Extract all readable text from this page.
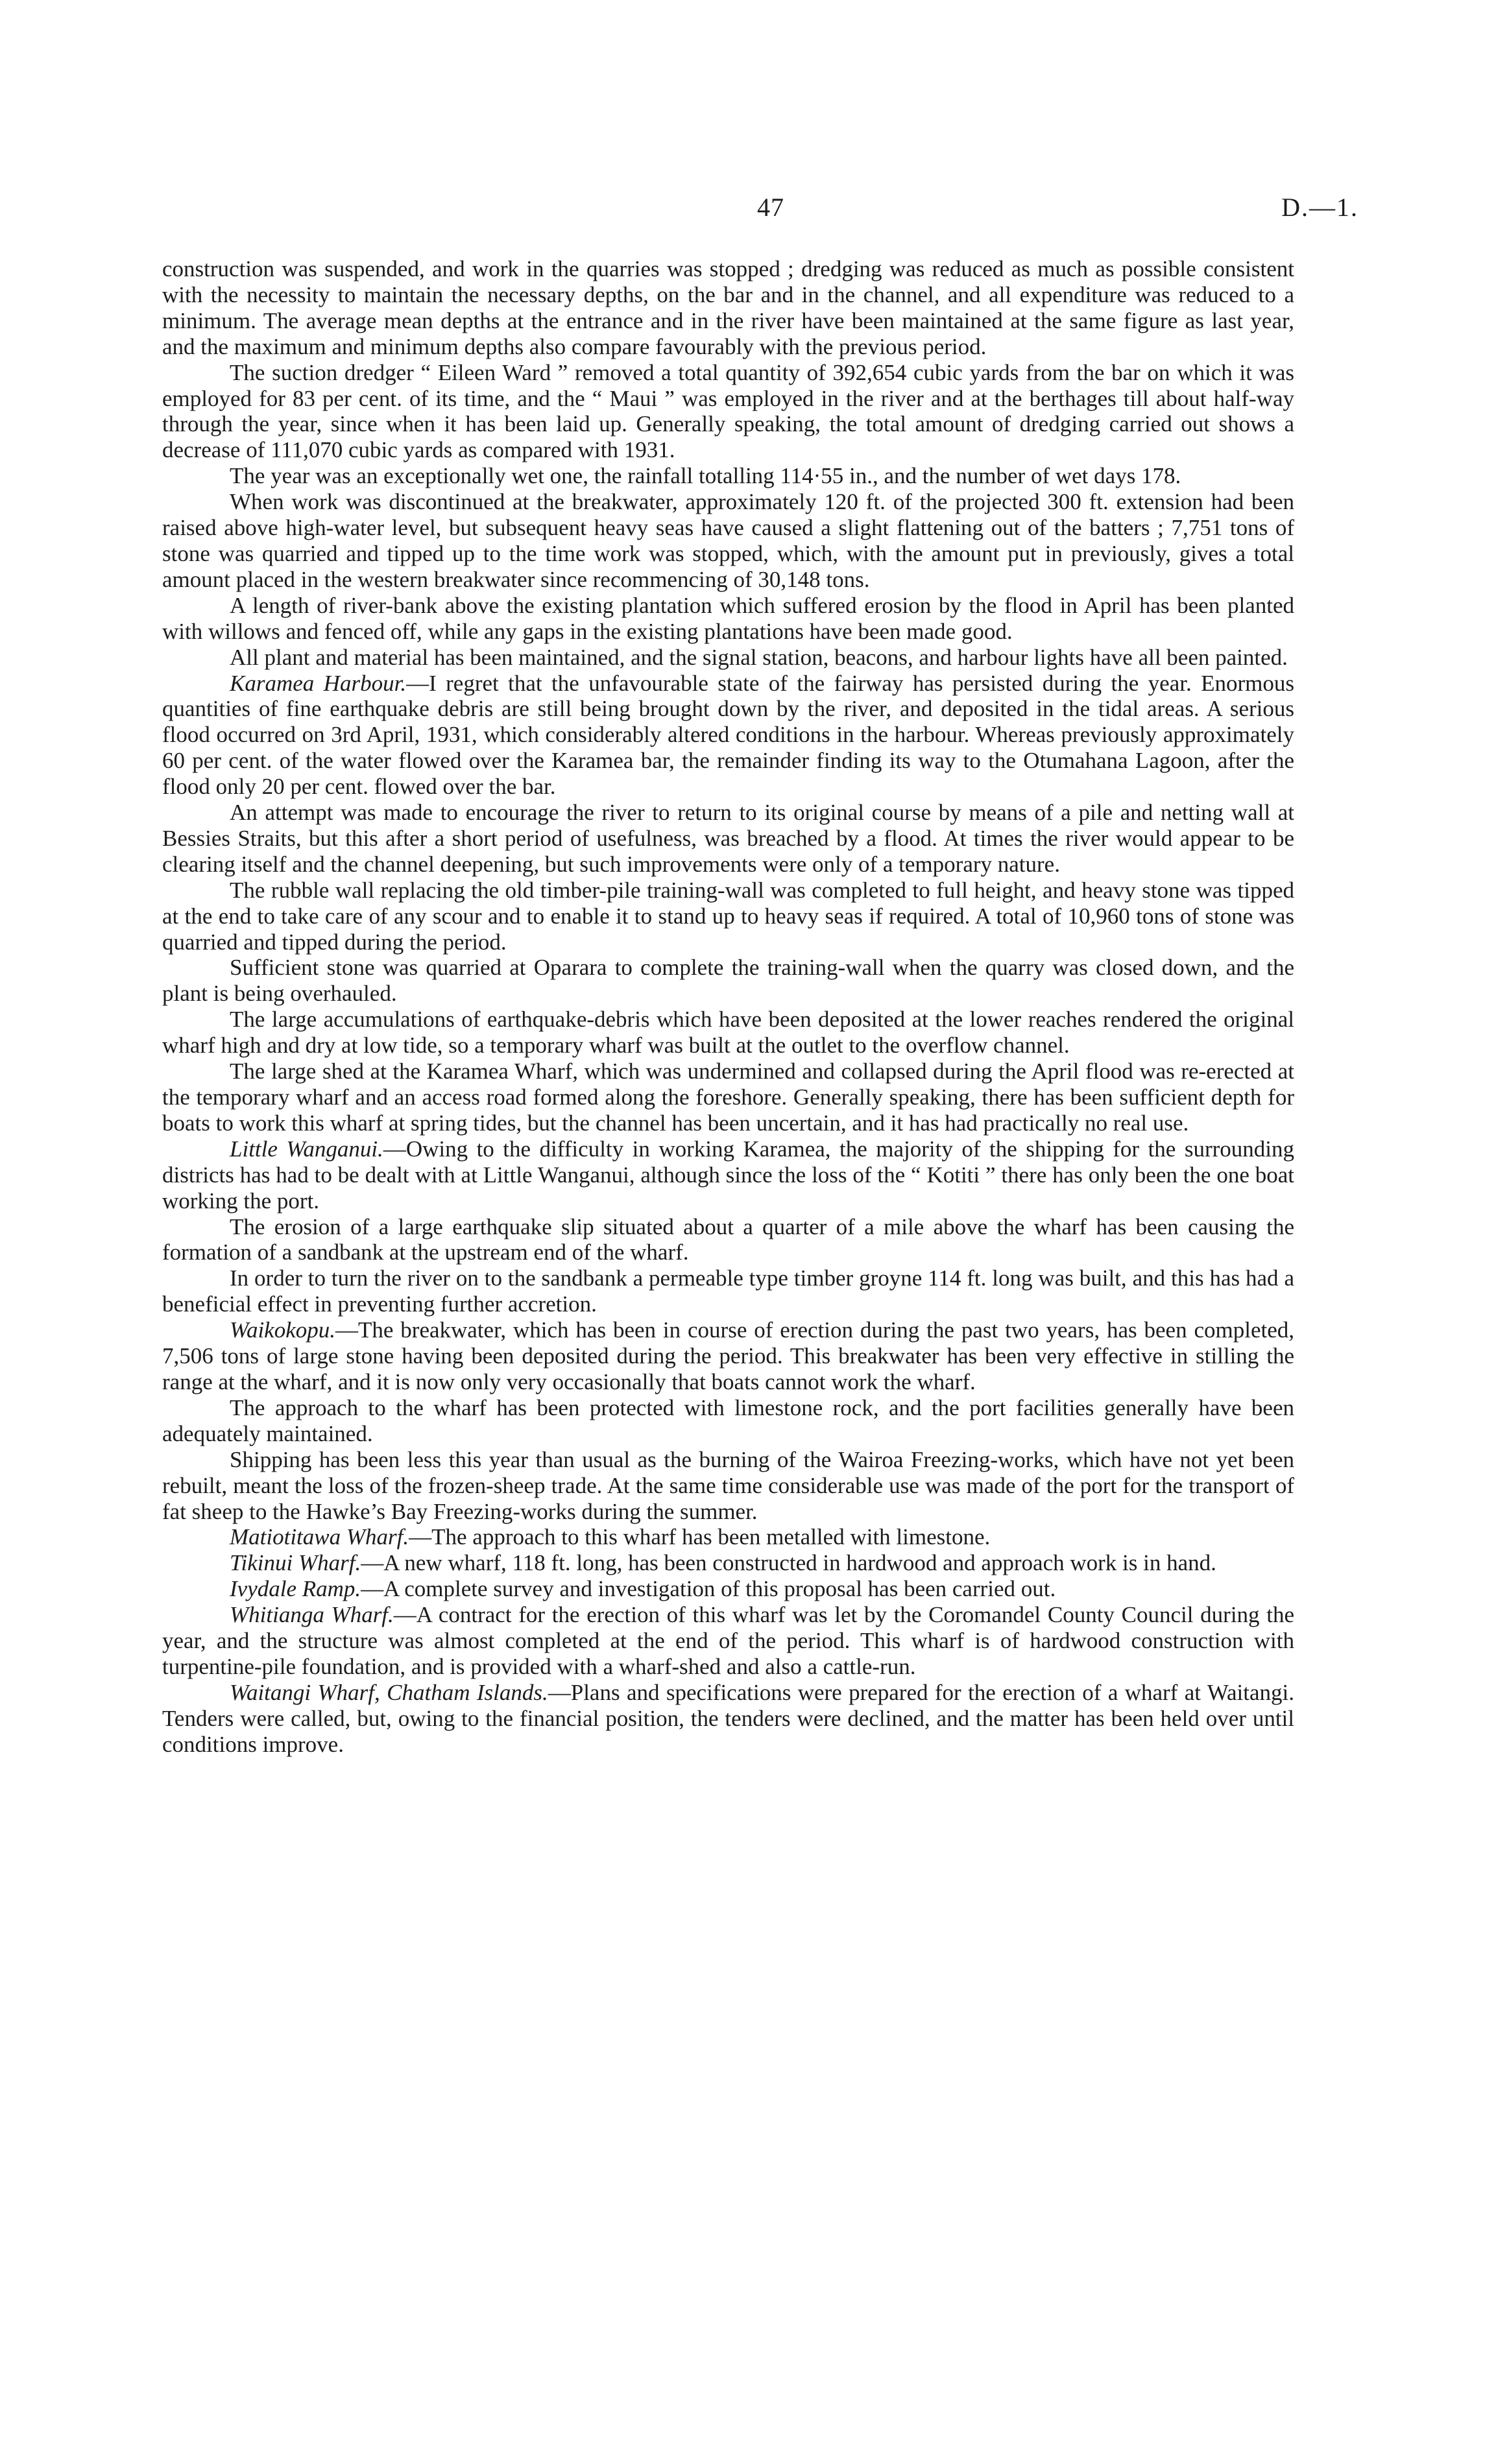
47	D.—1.

construction was suspended, and work in the quarries was stopped ; dredging was reduced as much as possible consistent with the necessity to maintain the necessary depths, on the bar and in the channel, and all expenditure was reduced to a minimum. The average mean depths at the entrance and in the river have been maintained at the same figure as last year, and the maximum and minimum depths also compare favourably with the previous period.

The suction dredger “ Eileen Ward ” removed a total quantity of 392,654 cubic yards from the bar on which it was employed for 83 per cent. of its time, and the “ Maui ” was employed in the river and at the berthages till about half-way through the year, since when it has been laid up. Generally speaking, the total amount of dredging carried out shows a decrease of 111,070 cubic yards as compared with 1931.

The year was an exceptionally wet one, the rainfall totalling 114·55 in., and the number of wet days 178.

When work was discontinued at the breakwater, approximately 120 ft. of the projected 300 ft. extension had been raised above high-water level, but subsequent heavy seas have caused a slight flattening out of the batters ; 7,751 tons of stone was quarried and tipped up to the time work was stopped, which, with the amount put in previously, gives a total amount placed in the western breakwater since recommencing of 30,148 tons.

A length of river-bank above the existing plantation which suffered erosion by the flood in April has been planted with willows and fenced off, while any gaps in the existing plantations have been made good.

All plant and material has been maintained, and the signal station, beacons, and harbour lights have all been painted.

Karamea Harbour.—I regret that the unfavourable state of the fairway has persisted during the year. Enormous quantities of fine earthquake debris are still being brought down by the river, and deposited in the tidal areas. A serious flood occurred on 3rd April, 1931, which considerably altered conditions in the harbour. Whereas previously approximately 60 per cent. of the water flowed over the Karamea bar, the remainder finding its way to the Otumahana Lagoon, after the flood only 20 per cent. flowed over the bar.

An attempt was made to encourage the river to return to its original course by means of a pile and netting wall at Bessies Straits, but this after a short period of usefulness, was breached by a flood. At times the river would appear to be clearing itself and the channel deepening, but such improvements were only of a temporary nature.

The rubble wall replacing the old timber-pile training-wall was completed to full height, and heavy stone was tipped at the end to take care of any scour and to enable it to stand up to heavy seas if required. A total of 10,960 tons of stone was quarried and tipped during the period.

Sufficient stone was quarried at Oparara to complete the training-wall when the quarry was closed down, and the plant is being overhauled.

The large accumulations of earthquake-debris which have been deposited at the lower reaches rendered the original wharf high and dry at low tide, so a temporary wharf was built at the outlet to the overflow channel.

The large shed at the Karamea Wharf, which was undermined and collapsed during the April flood was re-erected at the temporary wharf and an access road formed along the foreshore. Generally speaking, there has been sufficient depth for boats to work this wharf at spring tides, but the channel has been uncertain, and it has had practically no real use.

Little Wanganui.—Owing to the difficulty in working Karamea, the majority of the shipping for the surrounding districts has had to be dealt with at Little Wanganui, although since the loss of the “ Kotiti ” there has only been the one boat working the port.

The erosion of a large earthquake slip situated about a quarter of a mile above the wharf has been causing the formation of a sandbank at the upstream end of the wharf.

In order to turn the river on to the sandbank a permeable type timber groyne 114 ft. long was built, and this has had a beneficial effect in preventing further accretion.

Waikokopu.—The breakwater, which has been in course of erection during the past two years, has been completed, 7,506 tons of large stone having been deposited during the period. This breakwater has been very effective in stilling the range at the wharf, and it is now only very occasionally that boats cannot work the wharf.

The approach to the wharf has been protected with limestone rock, and the port facilities generally have been adequately maintained.

Shipping has been less this year than usual as the burning of the Wairoa Freezing-works, which have not yet been rebuilt, meant the loss of the frozen-sheep trade. At the same time considerable use was made of the port for the transport of fat sheep to the Hawke’s Bay Freezing-works during the summer.

Matiotitawa Wharf.—The approach to this wharf has been metalled with limestone.

Tikinui Wharf.—A new wharf, 118 ft. long, has been constructed in hardwood and approach work is in hand.

Ivydale Ramp.—A complete survey and investigation of this proposal has been carried out.

Whitianga Wharf.—A contract for the erection of this wharf was let by the Coromandel County Council during the year, and the structure was almost completed at the end of the period. This wharf is of hardwood construction with turpentine-pile foundation, and is provided with a wharf-shed and also a cattle-run.

Waitangi Wharf, Chatham Islands.—Plans and specifications were prepared for the erection of a wharf at Waitangi. Tenders were called, but, owing to the financial position, the tenders were declined, and the matter has been held over until conditions improve.
